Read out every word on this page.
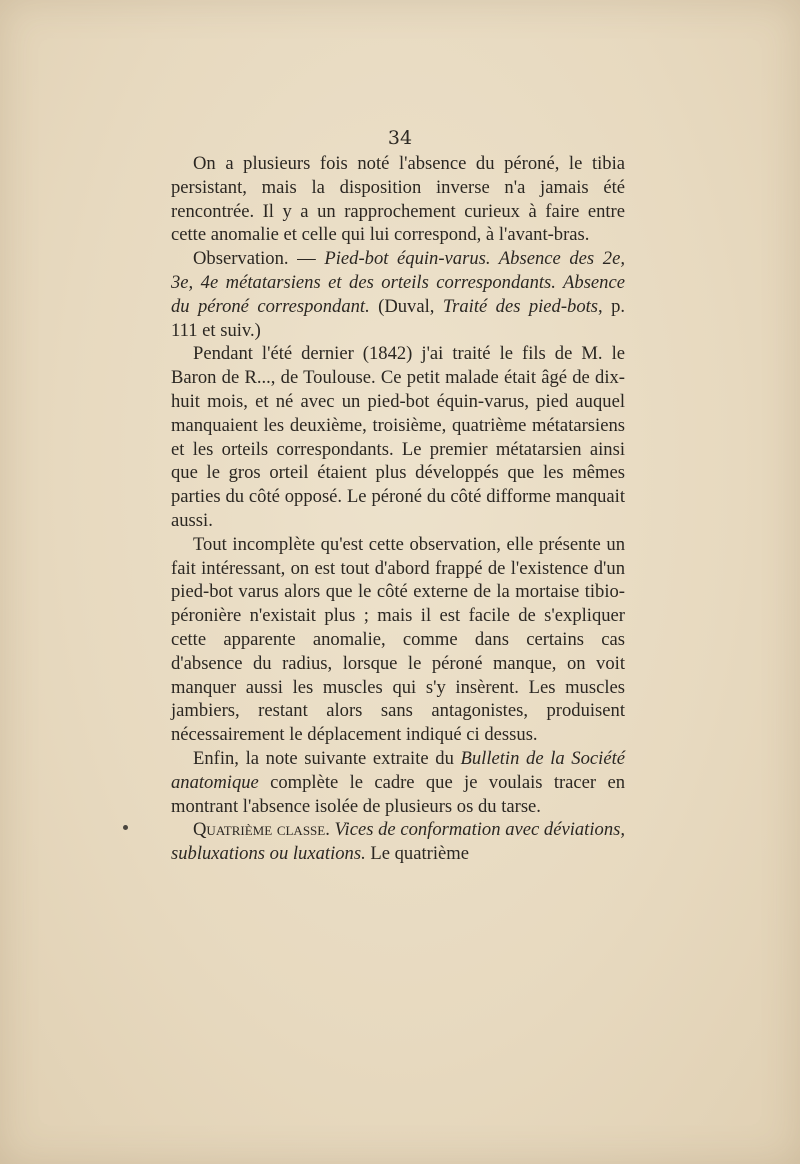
34

On a plusieurs fois noté l'absence du péroné, le tibia persistant, mais la disposition inverse n'a jamais été rencontrée. Il y a un rapprochement curieux à faire entre cette anomalie et celle qui lui correspond, à l'avant-bras.

Observation. — Pied-bot équin-varus. Absence des 2e, 3e, 4e métatarsiens et des orteils correspondants. Absence du péroné correspondant. (Duval, Traité des pied-bots, p. 111 et suiv.)

Pendant l'été dernier (1842) j'ai traité le fils de M. le Baron de R..., de Toulouse. Ce petit malade était âgé de dix-huit mois, et né avec un pied-bot équin-varus, pied auquel manquaient les deuxième, troisième, quatrième métatarsiens et les orteils correspondants. Le premier métatarsien ainsi que le gros orteil étaient plus développés que les mêmes parties du côté opposé. Le péroné du côté difforme manquait aussi.

Tout incomplète qu'est cette observation, elle présente un fait intéressant, on est tout d'abord frappé de l'existence d'un pied-bot varus alors que le côté externe de la mortaise tibio-péronière n'existait plus ; mais il est facile de s'expliquer cette apparente anomalie, comme dans certains cas d'absence du radius, lorsque le péroné manque, on voit manquer aussi les muscles qui s'y insèrent. Les muscles jambiers, restant alors sans antagonistes, produisent nécessairement le déplacement indiqué ci dessus.

Enfin, la note suivante extraite du Bulletin de la Société anatomique complète le cadre que je voulais tracer en montrant l'absence isolée de plusieurs os du tarse.

Quatrième classe. Vices de conformation avec déviations, subluxations ou luxations. Le quatrième
